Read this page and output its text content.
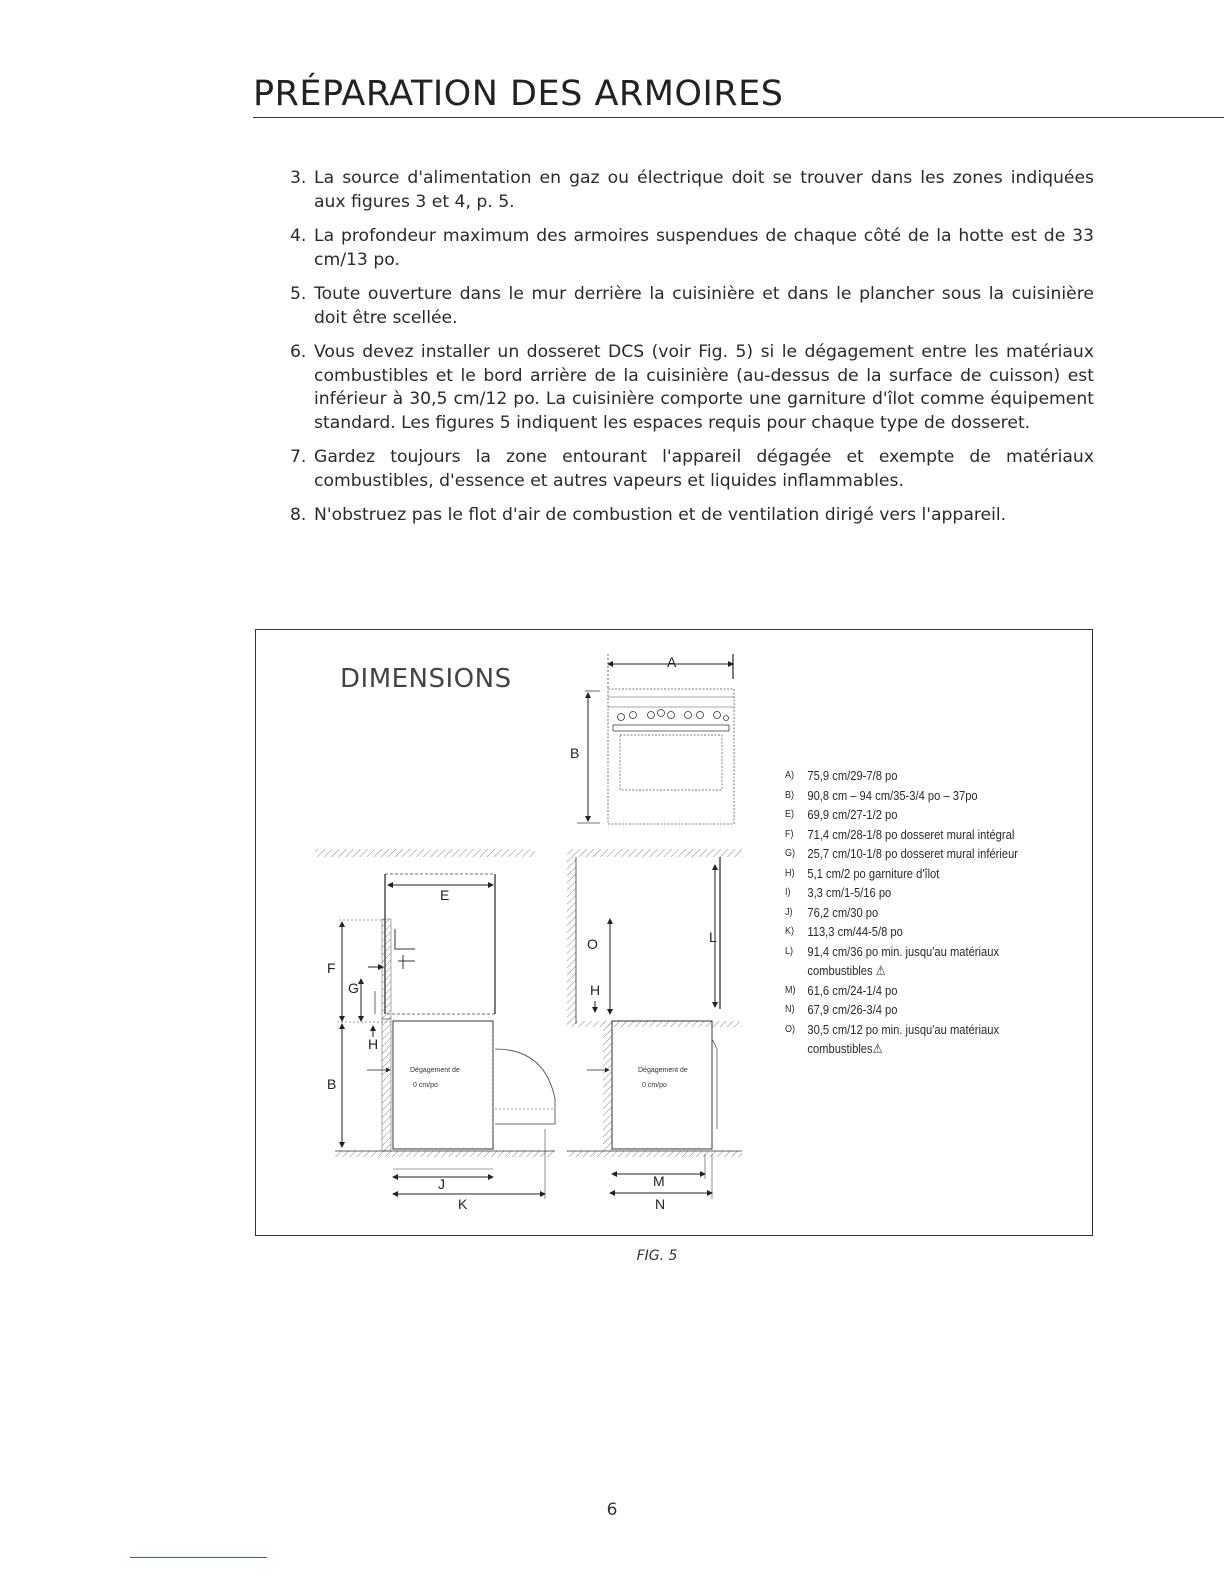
PRÉPARATION DES ARMOIRES
3. La source d'alimentation en gaz ou électrique doit se trouver dans les zones indiquées aux figures 3 et 4, p. 5.
4. La profondeur maximum des armoires suspendues de chaque côté de la hotte est de 33 cm/13 po.
5. Toute ouverture dans le mur derrière la cuisinière et dans le plancher sous la cuisinière doit être scellée.
6. Vous devez installer un dosseret DCS (voir Fig. 5) si le dégagement entre les matériaux combustibles et le bord arrière de la cuisinière (au-dessus de la surface de cuisson) est inférieur à 30,5 cm/12 po. La cuisinière comporte une garniture d'îlot comme équipement standard. Les figures 5 indiquent les espaces requis pour chaque type de dosseret.
7. Gardez toujours la zone entourant l'appareil dégagée et exempte de matériaux combustibles, d'essence et autres vapeurs et liquides inflammables.
8. N'obstruez pas le flot d'air de combustion et de ventilation dirigé vers l'appareil.
DIMENSIONS
A
B
E
F
G
H
B
Dégagement de
0 cm/po
J
K
L
O
H
Dégagement de
0 cm/po
M
N
A) 75,9 cm/29-7/8 po
B) 90,8 cm – 94 cm/35-3/4 po – 37po
E) 69,9 cm/27-1/2 po
F) 71,4 cm/28-1/8 po dosseret mural intégral
G) 25,7 cm/10-1/8 po dosseret mural inférieur
H) 5,1 cm/2 po garniture d'îlot
I) 3,3 cm/1-5/16 po
J) 76,2 cm/30 po
K) 113,3 cm/44-5/8 po
L) 91,4 cm/36 po min. jusqu'au matériaux combustibles ⚠
M) 61,6 cm/24-1/4 po
N) 67,9 cm/26-3/4 po
O) 30,5 cm/12 po min. jusqu'au matériaux combustibles⚠

FIG. 5

6
